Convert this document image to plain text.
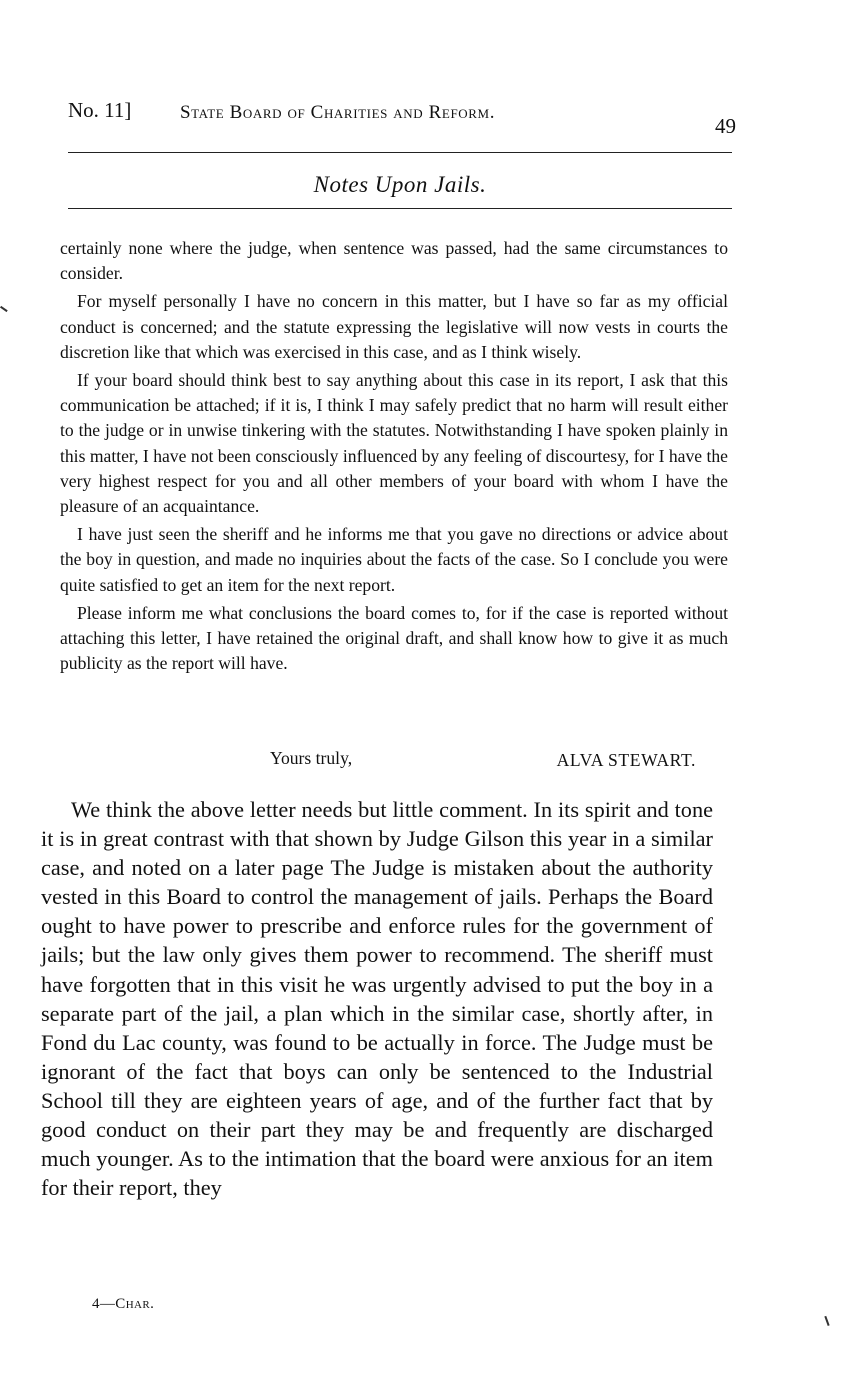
No. 11]	State Board of Charities and Reform.
49
Notes Upon Jails.

certainly none where the judge, when sentence was passed, had the same circumstances to consider.

For myself personally I have no concern in this matter, but I have so far as my official conduct is concerned; and the statute expressing the legislative will now vests in courts the discretion like that which was exercised in this case, and as I think wisely.

If your board should think best to say anything about this case in its report, I ask that this communication be attached; if it is, I think I may safely predict that no harm will result either to the judge or in unwise tinkering with the statutes. Notwithstanding I have spoken plainly in this matter, I have not been consciously influenced by any feeling of discourtesy, for I have the very highest respect for you and all other members of your board with whom I have the pleasure of an acquaintance.

I have just seen the sheriff and he informs me that you gave no directions or advice about the boy in question, and made no inquiries about the facts of the case. So I conclude you were quite satisfied to get an item for the next report.

Please inform me what conclusions the board comes to, for if the case is reported without attaching this letter, I have retained the original draft, and shall know how to give it as much publicity as the report will have.

Yours truly,	ALVA STEWART.

We think the above letter needs but little comment. In its spirit and tone it is in great contrast with that shown by Judge Gilson this year in a similar case, and noted on a later page The Judge is mistaken about the authority vested in this Board to control the management of jails. Perhaps the Board ought to have power to prescribe and enforce rules for the government of jails; but the law only gives them power to recommend. The sheriff must have forgotten that in this visit he was urgently advised to put the boy in a separate part of the jail, a plan which in the similar case, shortly after, in Fond du Lac county, was found to be actually in force. The Judge must be ignorant of the fact that boys can only be sentenced to the Industrial School till they are eighteen years of age, and of the further fact that by good conduct on their part they may be and frequently are discharged much younger. As to the intimation that the board were anxious for an item for their report, they

4—Char.
